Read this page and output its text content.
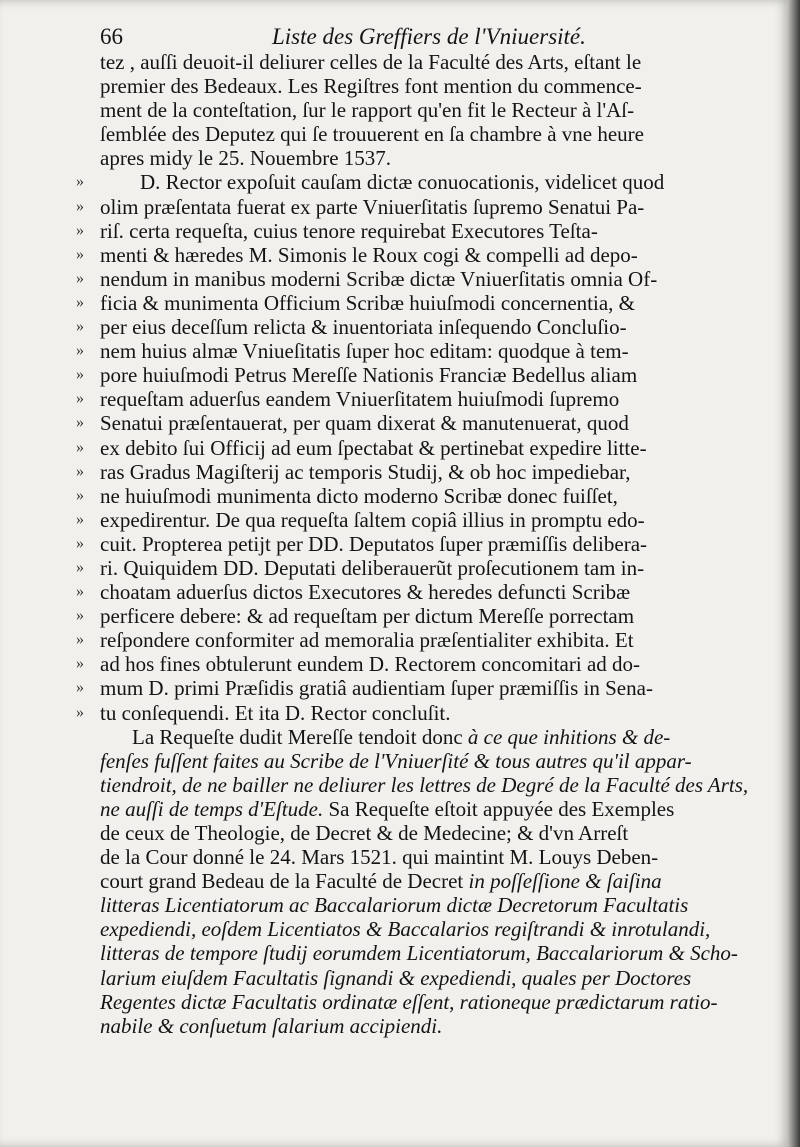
66	Liste des Greffiers de l'Vniuersité.
tez , auſſi deuoit-il deliurer celles de la Faculté des Arts, eſtant le
premier des Bedeaux. Les Regiſtres font mention du commence-
ment de la conteſtation, ſur le rapport qu'en fit le Recteur à l'Aſ-
ſemblée des Deputez qui ſe trouuerent en ſa chambre à vne heure
apres midy le 25. Nouembre 1537.
»	D. Rector expoſuit cauſam dictæ conuocationis, videlicet quod
» olim præſentata fuerat ex parte Vniuerſitatis ſupremo Senatui Pa-
» riſ. certa requeſta, cuius tenore requirebat Executores Teſta-
» menti & hæredes M. Simonis le Roux cogi & compelli ad depo-
» nendum in manibus moderni Scribæ dictæ Vniuerſitatis omnia Of-
» ficia & munimenta Officium Scribæ huiuſmodi concernentia, &
» per eius deceſſum relicta & inuentoriata inſequendo Concluſio-
» nem huius almæ Vniueſitatis ſuper hoc editam: quodque à tem-
» pore huiuſmodi Petrus Mereſſe Nationis Franciæ Bedellus aliam
» requeſtam aduerſus eandem Vniuerſitatem huiuſmodi ſupremo
» Senatui præſentauerat, per quam dixerat & manutenuerat, quod
» ex debito ſui Officij ad eum ſpectabat & pertinebat expedire litte-
» ras Gradus Magiſterij ac temporis Studij, & ob hoc impediebar,
» ne huiuſmodi munimenta dicto moderno Scribæ donec fuiſſet,
» expedirentur. De qua requeſta ſaltem copiâ illius in promptu edo-
» cuit. Propterea petijt per DD. Deputatos ſuper præmiſſis delibera-
» ri. Quiquidem DD. Deputati deliberauerũt proſecutionem tam in-
» choatam aduerſus dictos Executores & heredes defuncti Scribæ
» perficere debere: & ad requeſtam per dictum Mereſſe porrectam
» reſpondere conformiter ad memoralia præſentialiter exhibita. Et
» ad hos fines obtulerunt eundem D. Rectorem concomitari ad do-
» mum D. primi Præſidis gratiâ audientiam ſuper præmiſſis in Sena-
» tu conſequendi. Et ita D. Rector concluſit.
La Requeſte dudit Mereſſe tendoit donc à ce que inhitions & de-
fenſes fuſſent faites au Scribe de l'Vniuerſité & tous autres qu'il appar-
tiendroit, de ne bailler ne deliurer les lettres de Degré de la Faculté des Arts,
ne auſſi de temps d'Eſtude. Sa Requeſte eſtoit appuyée des Exemples
de ceux de Theologie, de Decret & de Medecine; & d'vn Arreſt
de la Cour donné le 24. Mars 1521. qui maintint M. Louys Deben-
court grand Bedeau de la Faculté de Decret in poſſeſſione & ſaiſina
litteras Licentiatorum ac Baccalariorum dictæ Decretorum Facultatis
expediendi, eoſdem Licentiatos & Baccalarios regiſtrandi & inrotulandi,
litteras de tempore ſtudij eorumdem Licentiatorum, Baccalariorum & Scho-
larium eiuſdem Facultatis ſignandi & expediendi, quales per Doctores
Regentes dictæ Facultatis ordinatæ eſſent, rationeque prædictarum ratio-
nabile & conſuetum ſalarium accipiendi.
